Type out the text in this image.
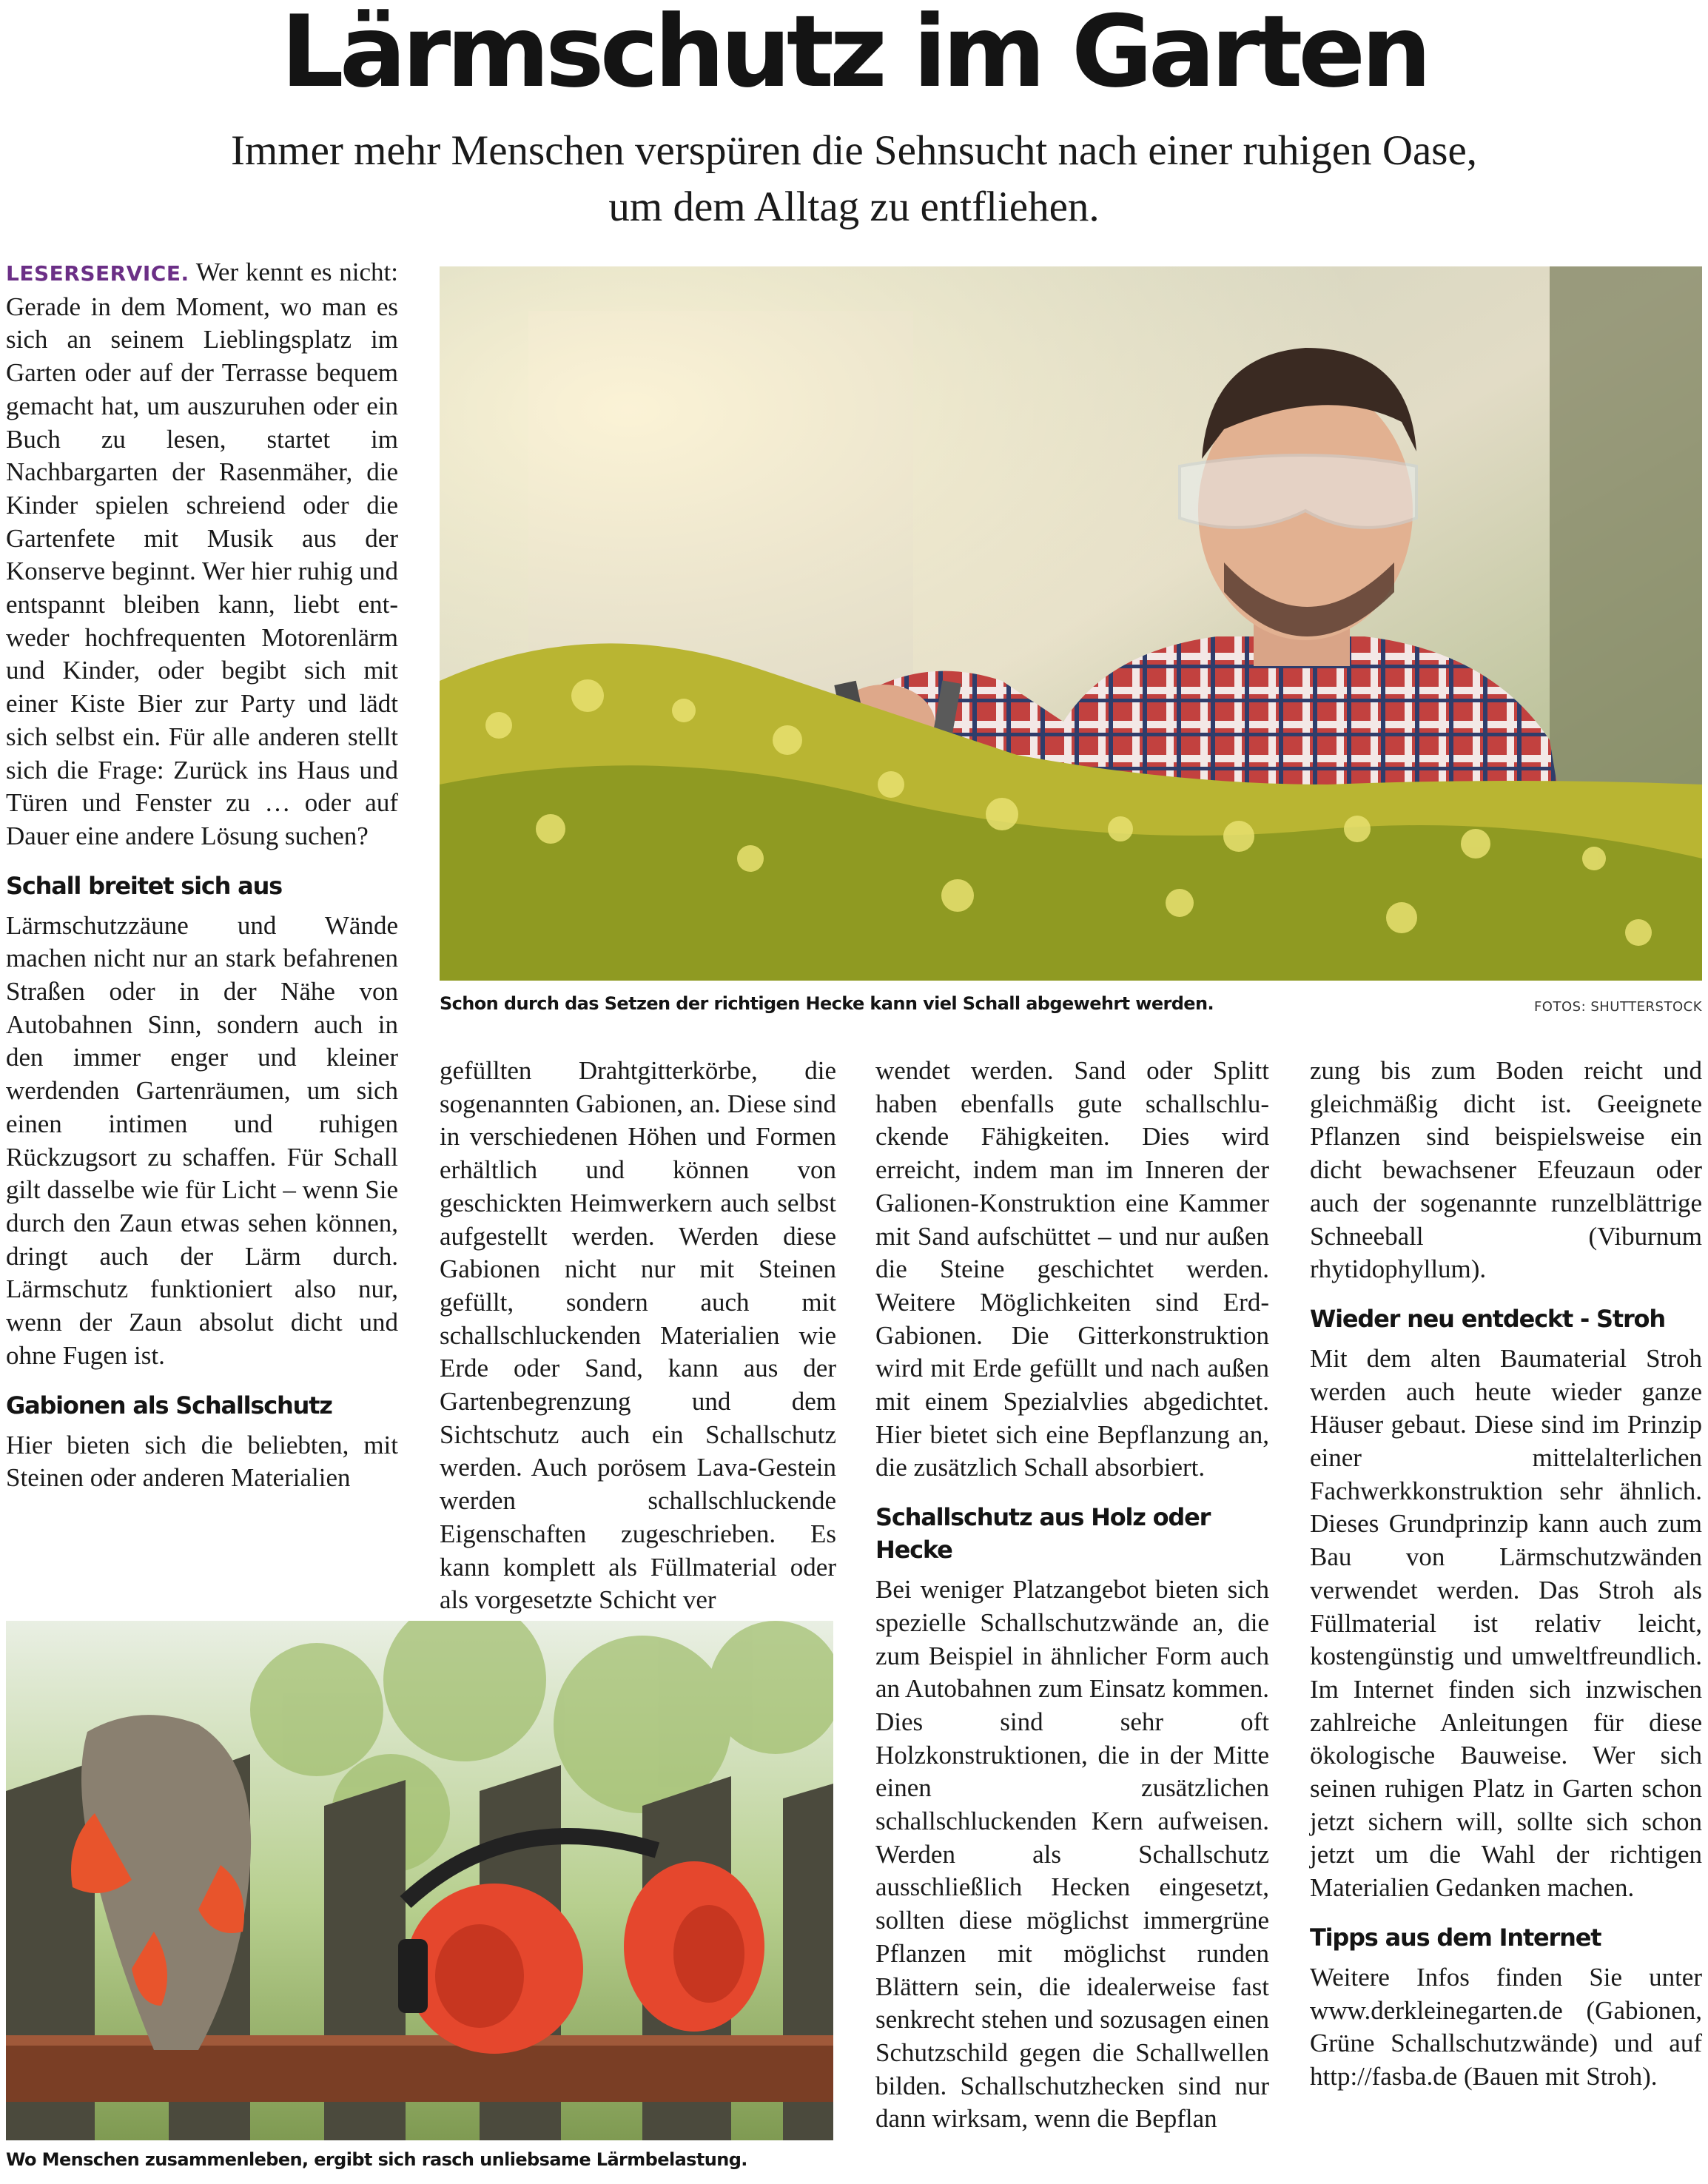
Lärmschutz im Garten
Immer mehr Menschen verspüren die Sehnsucht nach einer ruhigen Oase,
um dem Alltag zu entfliehen.

LESERSERVICE. Wer kennt es nicht: Gerade in dem Moment, wo man es sich an seinem Lieblingsplatz im Garten oder auf der Terrasse bequem gemacht hat, um auszuruhen oder ein Buch zu lesen, startet im Nachbargarten der Rasenmäher, die Kinder spielen schreiend oder die Gartenfete mit Musik aus der Konserve beginnt. Wer hier ruhig und entspannt bleiben kann, liebt entweder hochfrequenten Motorenlärm und Kinder, oder begibt sich mit einer Kiste Bier zur Party und lädt sich selbst ein. Für alle anderen stellt sich die Frage: Zurück ins Haus und Türen und Fenster zu … oder auf Dauer eine andere Lösung suchen?

Schall breitet sich aus

Lärmschutzzäune und Wände machen nicht nur an stark befahrenen Straßen oder in der Nähe von Autobahnen Sinn, sondern auch in den immer enger und kleiner werdenden Gartenräumen, um sich einen intimen und ruhigen Rückzugsort zu schaffen. Für Schall gilt dasselbe wie für Licht – wenn Sie durch den Zaun etwas sehen können, dringt auch der Lärm durch. Lärmschutz funktioniert also nur, wenn der Zaun absolut dicht und ohne Fugen ist.

Gabionen als Schallschutz

Hier bieten sich die beliebten, mit Steinen oder anderen Materialien

Schon durch das Setzen der richtigen Hecke kann viel Schall abgewehrt werden.	FOTOS: SHUTTERSTOCK

gefüllten Drahtgitterkörbe, die sogenannten Gabionen, an. Diese sind in verschiedenen Höhen und Formen erhältlich und können von geschickten Heimwerkern auch selbst aufgestellt werden. Werden diese Gabionen nicht nur mit Steinen gefüllt, sondern auch mit schallschluckenden Materialien wie Erde oder Sand, kann aus der Gartenbegrenzung und dem Sichtschutz auch ein Schallschutz werden. Auch porösem Lava-Gestein werden schallschluckende Eigenschaften zugeschrieben. Es kann komplett als Füllmaterial oder als vorgesetzte Schicht ver

wendet werden. Sand oder Splitt haben ebenfalls gute schallschluckende Fähigkeiten. Dies wird erreicht, indem man im Inneren der Galionen-Konstruktion eine Kammer mit Sand aufschüttet – und nur außen die Steine geschichtet werden. Weitere Möglichkeiten sind Erd-Gabionen. Die Gitterkonstruktion wird mit Erde gefüllt und nach außen mit einem Spezialvlies abgedichtet. Hier bietet sich eine Bepflanzung an, die zusätzlich Schall absorbiert.

Schallschutz aus Holz oder Hecke

Bei weniger Platzangebot bieten sich spezielle Schallschutzwände an, die zum Beispiel in ähnlicher Form auch an Autobahnen zum Einsatz kommen. Dies sind sehr oft Holzkonstruktionen, die in der Mitte einen zusätzlichen schallschluckenden Kern aufweisen. Werden als Schallschutz ausschließlich Hecken eingesetzt, sollten diese möglichst immergrüne Pflanzen mit möglichst runden Blättern sein, die idealerweise fast senkrecht stehen und sozusagen einen Schutzschild gegen die Schallwellen bilden. Schallschutzhecken sind nur dann wirksam, wenn die Bepflan

zung bis zum Boden reicht und gleichmäßig dicht ist. Geeignete Pflanzen sind beispielsweise ein dicht bewachsener Efeuzaun oder auch der sogenannte runzelblättrige Schneeball (Viburnum rhytidophyllum).

Wieder neu entdeckt - Stroh

Mit dem alten Baumaterial Stroh werden auch heute wieder ganze Häuser gebaut. Diese sind im Prinzip einer mittelalterlichen Fachwerkkonstruktion sehr ähnlich. Dieses Grundprinzip kann auch zum Bau von Lärmschutzwänden verwendet werden. Das Stroh als Füllmaterial ist relativ leicht, kostengünstig und umweltfreundlich. Im Internet finden sich inzwischen zahlreiche Anleitungen für diese ökologische Bauweise. Wer sich seinen ruhigen Platz in Garten schon jetzt sichern will, sollte sich schon jetzt um die Wahl der richtigen Materialien Gedanken machen.

Tipps aus dem Internet

Weitere Infos finden Sie unter www.derkleinegarten.de (Gabionen, Grüne Schallschutzwände) und auf http://fasba.de (Bauen mit Stroh).

Wo Menschen zusammenleben, ergibt sich rasch unliebsame Lärmbelastung.
